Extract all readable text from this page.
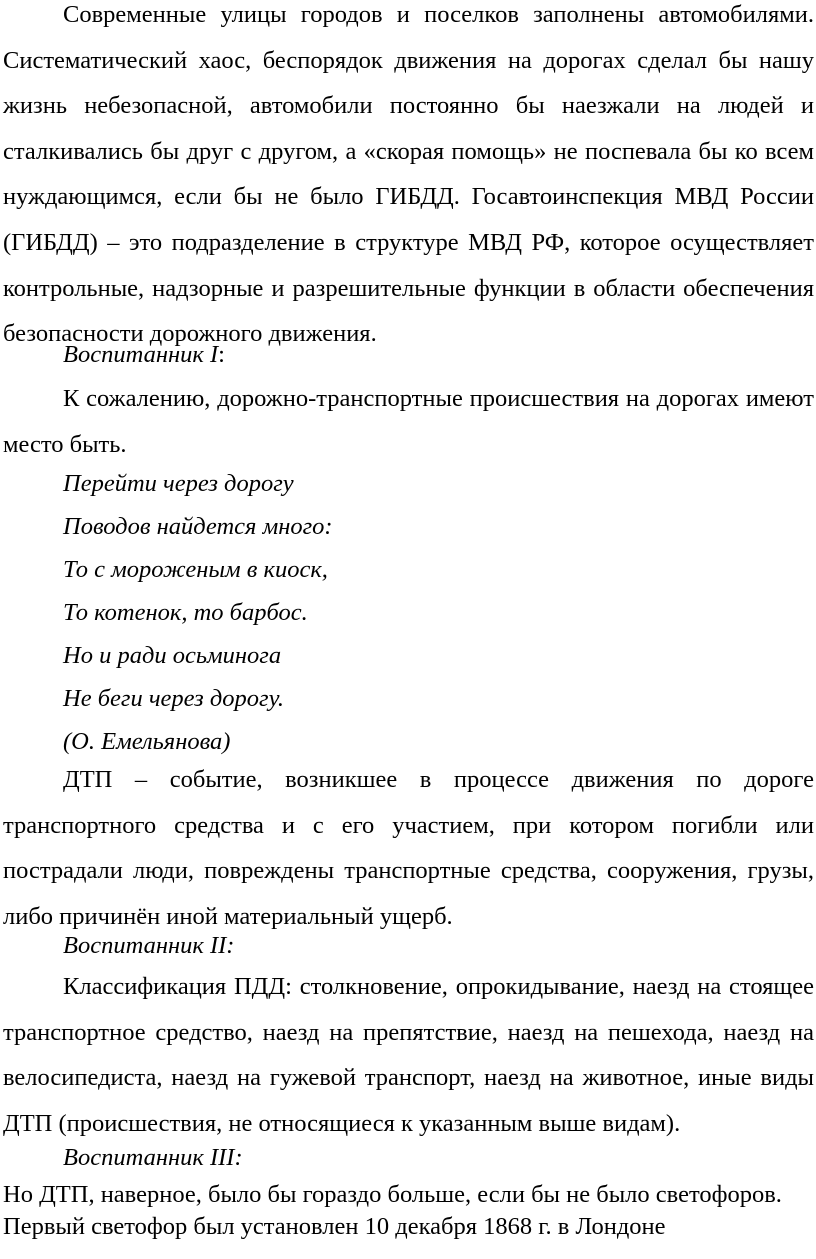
Современные улицы городов и поселков заполнены автомобилями. Систематический хаос, беспорядок движения на дорогах сделал бы нашу жизнь небезопасной, автомобили постоянно бы наезжали на людей и сталкивались бы друг с другом, а «скорая помощь» не поспевала бы ко всем нуждающимся, если бы не было ГИБДД. Госавтоинспекция МВД России (ГИБДД) – это подразделение в структуре МВД РФ, которое осуществляет контрольные, надзорные и разрешительные функции в области обеспечения безопасности дорожного движения.

Воспитанник I:

К сожалению, дорожно-транспортные происшествия на дорогах имеют место быть.

Перейти через дорогу
Поводов найдется много:
То с мороженым в киоск,
То котенок, то барбос.
Но и ради осьминога
Не беги через дорогу.
(О. Емельянова)

ДТП – событие, возникшее в процессе движения по дороге транспортного средства и с его участием, при котором погибли или пострадали люди, повреждены транспортные средства, сооружения, грузы, либо причинён иной материальный ущерб.

Воспитанник II:

Классификация ПДД: столкновение, опрокидывание, наезд на стоящее транспортное средство, наезд на препятствие, наезд на пешехода, наезд на велосипедиста, наезд на гужевой транспорт, наезд на животное, иные виды ДТП (происшествия, не относящиеся к указанным выше видам).

Воспитанник III:
Но ДТП, наверное, было бы гораздо больше, если бы не было светофоров.
Первый светофор был установлен 10 декабря 1868 г. в Лондоне
